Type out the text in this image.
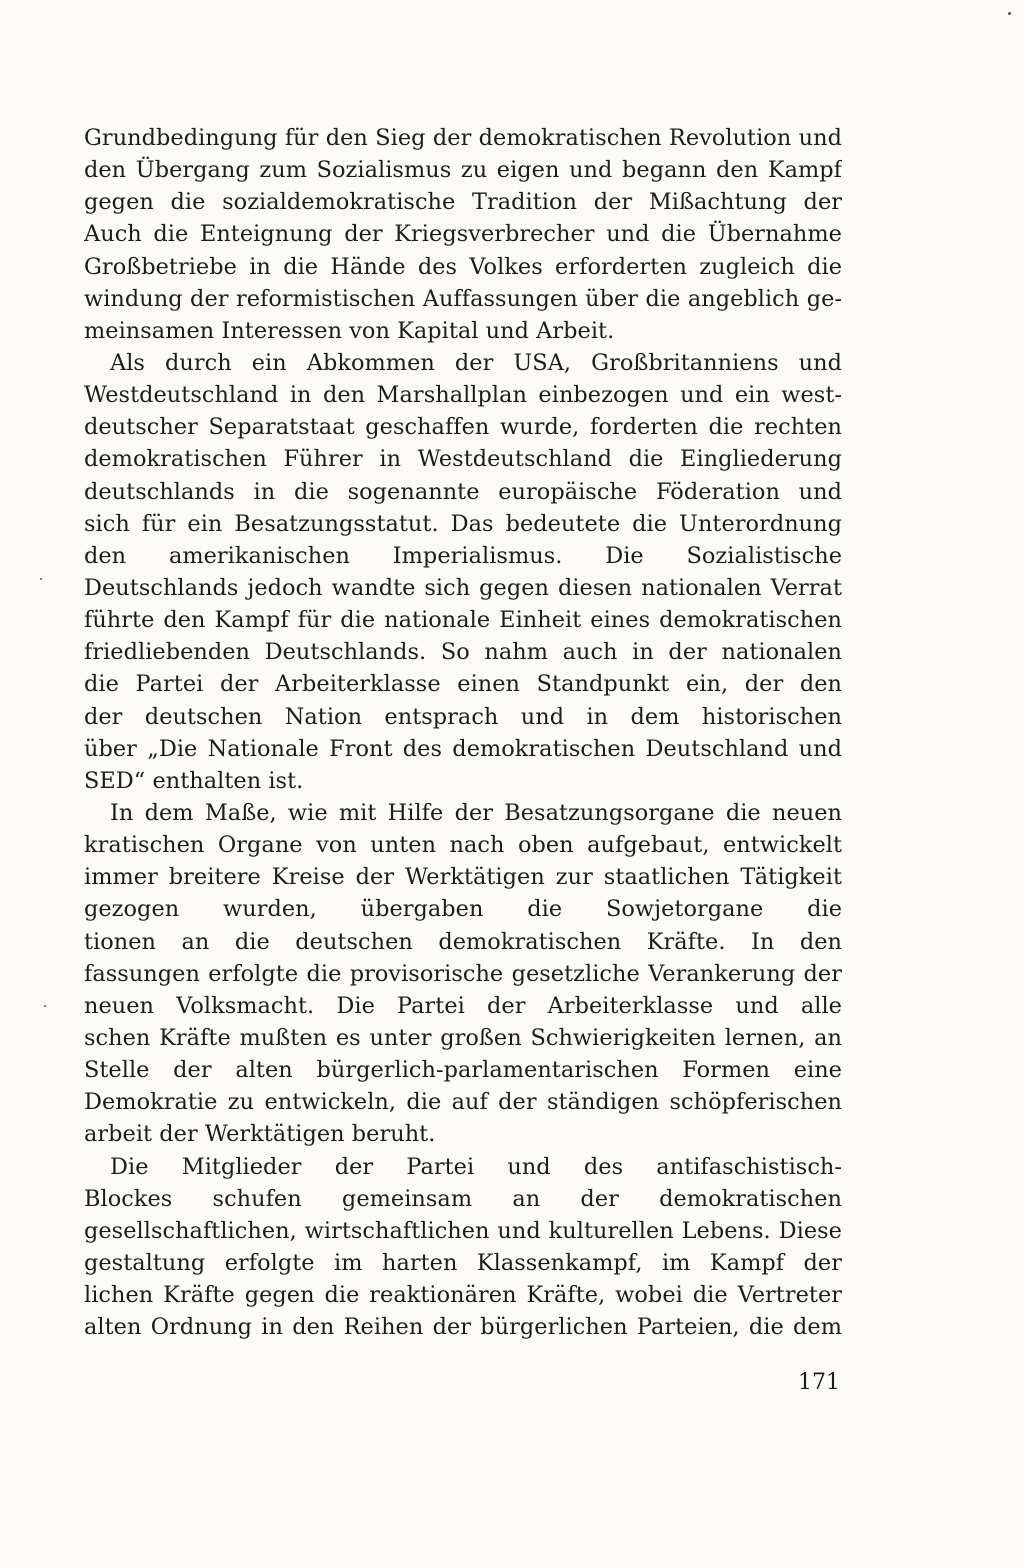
Grundbedingung für den Sieg der demokratischen Revolution und
den Übergang zum Sozialismus zu eigen und begann den Kampf
gegen die sozialdemokratische Tradition der Mißachtung der
Auch die Enteignung der Kriegsverbrecher und die Übernahme
Großbetriebe in die Hände des Volkes erforderten zugleich die
windung der reformistischen Auffassungen über die angeblich ge-
meinsamen Interessen von Kapital und Arbeit.
Als durch ein Abkommen der USA, Großbritanniens und
Westdeutschland in den Marshallplan einbezogen und ein west-
deutscher Separatstaat geschaffen wurde, forderten die rechten
demokratischen Führer in Westdeutschland die Eingliederung
deutschlands in die sogenannte europäische Föderation und
sich für ein Besatzungsstatut. Das bedeutete die Unterordnung
den amerikanischen Imperialismus. Die Sozialistische
Deutschlands jedoch wandte sich gegen diesen nationalen Verrat
führte den Kampf für die nationale Einheit eines demokratischen
friedliebenden Deutschlands. So nahm auch in der nationalen
die Partei der Arbeiterklasse einen Standpunkt ein, der den
der deutschen Nation entsprach und in dem historischen
über „Die Nationale Front des demokratischen Deutschland und
SED“ enthalten ist.
In dem Maße, wie mit Hilfe der Besatzungsorgane die neuen
kratischen Organe von unten nach oben aufgebaut, entwickelt
immer breitere Kreise der Werktätigen zur staatlichen Tätigkeit
gezogen wurden, übergaben die Sowjetorgane die
tionen an die deutschen demokratischen Kräfte. In den
fassungen erfolgte die provisorische gesetzliche Verankerung der
neuen Volksmacht. Die Partei der Arbeiterklasse und alle
schen Kräfte mußten es unter großen Schwierigkeiten lernen, an
Stelle der alten bürgerlich-parlamentarischen Formen eine
Demokratie zu entwickeln, die auf der ständigen schöpferischen
arbeit der Werktätigen beruht.
Die Mitglieder der Partei und des antifaschistisch-
Blockes schufen gemeinsam an der demokratischen
gesellschaftlichen, wirtschaftlichen und kulturellen Lebens. Diese
gestaltung erfolgte im harten Klassenkampf, im Kampf der
lichen Kräfte gegen die reaktionären Kräfte, wobei die Vertreter
alten Ordnung in den Reihen der bürgerlichen Parteien, die dem
171
